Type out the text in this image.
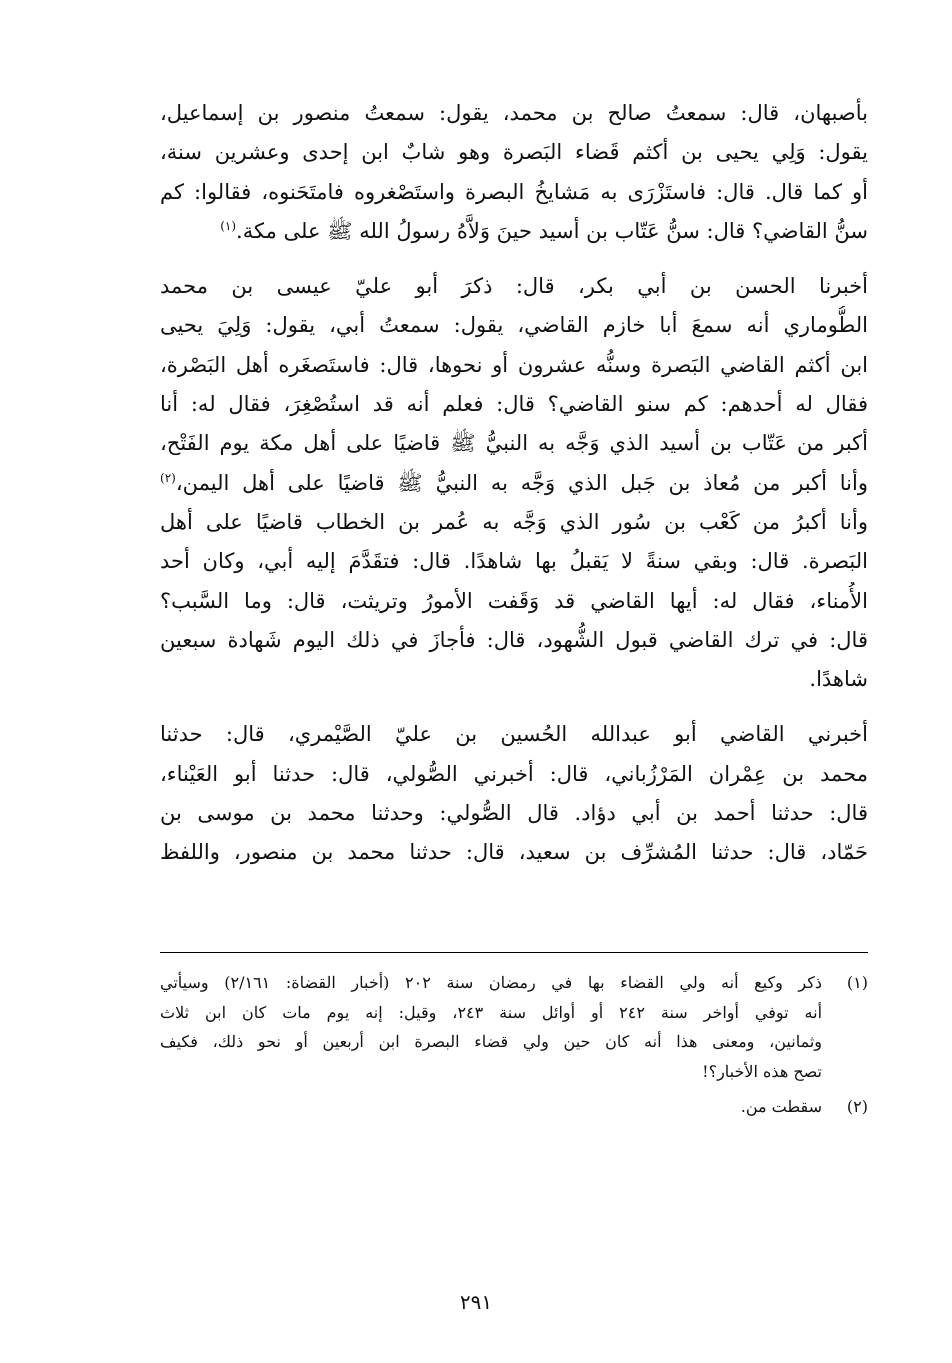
بأصبهان، قال: سمعتُ صالح بن محمد، يقول: سمعتُ منصور بن إسماعيل،
يقول: وَلِي يحيى بن أكثم قَضاء البَصرة وهو شابٌ ابن إحدى وعشرين سنة،
أو كما قال. قال: فاستَزْرَى به مَشايخُ البصرة واستَصْغروه فامتَحَنوه، فقالوا: كم
سنُّ القاضي؟ قال: سنُّ عَتّاب بن أسيد حينَ وَلاَّهُ رسولُ الله ﷺ على مكة.$^{(١)}$
أخبرنا الحسن بن أبي بكر، قال: ذكرَ أبو عليّ عيسى بن محمد
الطُّوماري أنه سمعَ أبا خازم القاضي، يقول: سمعتُ أبي، يقول: وَلِيَ يحيى
ابن أكثم القاضي البَصرة وسنُّه عشرون أو نحوها، قال: فاستَصغَره أهل البَصْرة،
فقال له أحدهم: كم سنو القاضي؟ قال: فعلم أنه قد استُصْغِرَ، فقال له: أنا
أكبر من عَتّاب بن أسيد الذي وَجَّه به النبيُّ ﷺ قاضيًا على أهل مكة يوم الفَتْح،
وأنا أكبر من مُعاذ بن جَبل الذي وَجَّه به النبيُّ ﷺ قاضيًا على أهل اليمن،$^{(٢)}$
وأنا أكبرُ من كَعْب بن سُور الذي وَجَّه به عُمر بن الخطاب قاضيًا على أهل
البَصرة. قال: وبقي سنةً لا يَقبلُ بها شاهدًا. قال: فتقَدَّمَ إليه أبي، وكان أحد
الأُمناء، فقال له: أيها القاضي قد وَقَفت الأمورُ وتريثت، قال: وما السَّبب؟
قال: في ترك القاضي قبول الشُّهود، قال: فأجازَ في ذلك اليوم شَهادة سبعين
شاهدًا.
أخبرني القاضي أبو عبدالله الحُسين بن عليّ الصَّيْمري، قال: حدثنا
محمد بن عِمْران المَرْزُباني، قال: أخبرني الصُّولي، قال: حدثنا أبو العَيْناء،
قال: حدثنا أحمد بن أبي دؤاد. قال الصُّولي: وحدثنا محمد بن موسى بن
حَمّاد، قال: حدثنا المُشرِّف بن سعيد، قال: حدثنا محمد بن منصور، واللفظ
(١)
ذكر وكيع أنه ولي القضاء بها في رمضان سنة ٢٠٢ (أخبار القضاة: ٢/١٦١) وسيأتي
أنه توفي أواخر سنة ٢٤٢ أو أوائل سنة ٢٤٣، وقيل: إنه يوم مات كان ابن ثلاث
وثمانين، ومعنى هذا أنه كان حين ولي قضاء البصرة ابن أربعين أو نحو ذلك، فكيف
تصح هذه الأخبار؟!
(٢)
سقطت من.
٢٩١
